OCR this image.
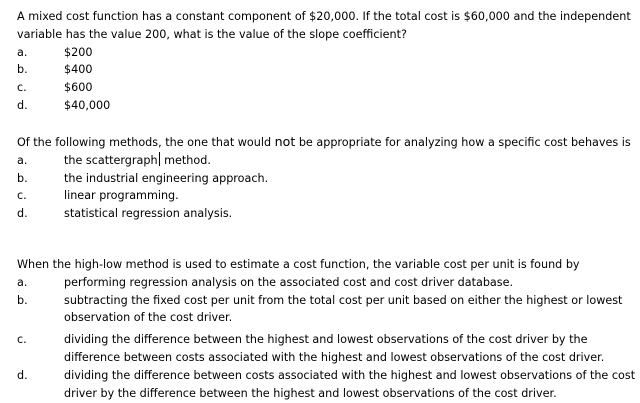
A mixed cost function has a constant component of $20,000. If the total cost is $60,000 and the independent variable has the value 200, what is the value of the slope coefficient?

a.	$200
b.	$400
c.	$600
d.	$40,000

Of the following methods, the one that would not be appropriate for analyzing how a specific cost behaves is

a.	the scattergraph method.
b.	the industrial engineering approach.
c.	linear programming.
d.	statistical regression analysis.

When the high-low method is used to estimate a cost function, the variable cost per unit is found by

a.	performing regression analysis on the associated cost and cost driver database.
b.	subtracting the fixed cost per unit from the total cost per unit based on either the highest or lowest observation of the cost driver.
c.	dividing the difference between the highest and lowest observations of the cost driver by the difference between costs associated with the highest and lowest observations of the cost driver.
d.	dividing the difference between costs associated with the highest and lowest observations of the cost driver by the difference between the highest and lowest observations of the cost driver.
